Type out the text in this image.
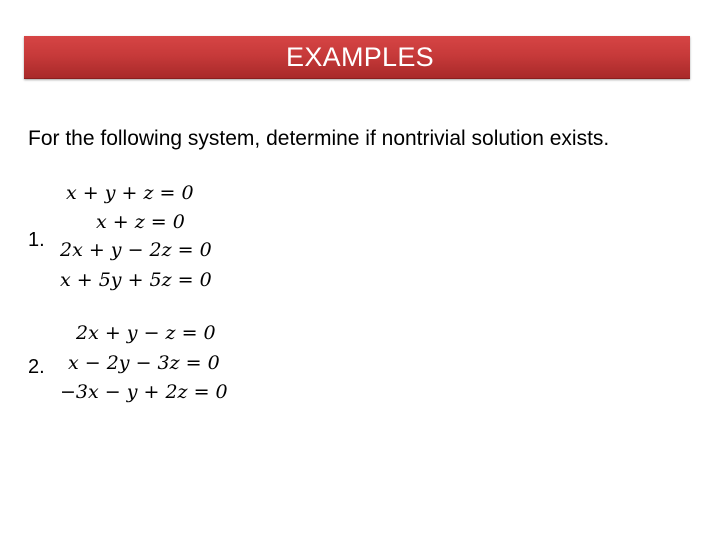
EXAMPLES
For the following system, determine if nontrivial solution exists.
1.
x + y + z = 0
x + z = 0
2x + y − 2z = 0
x + 5y + 5z = 0
2.
2x + y − z = 0
x − 2y − 3z = 0
−3x − y + 2z = 0
